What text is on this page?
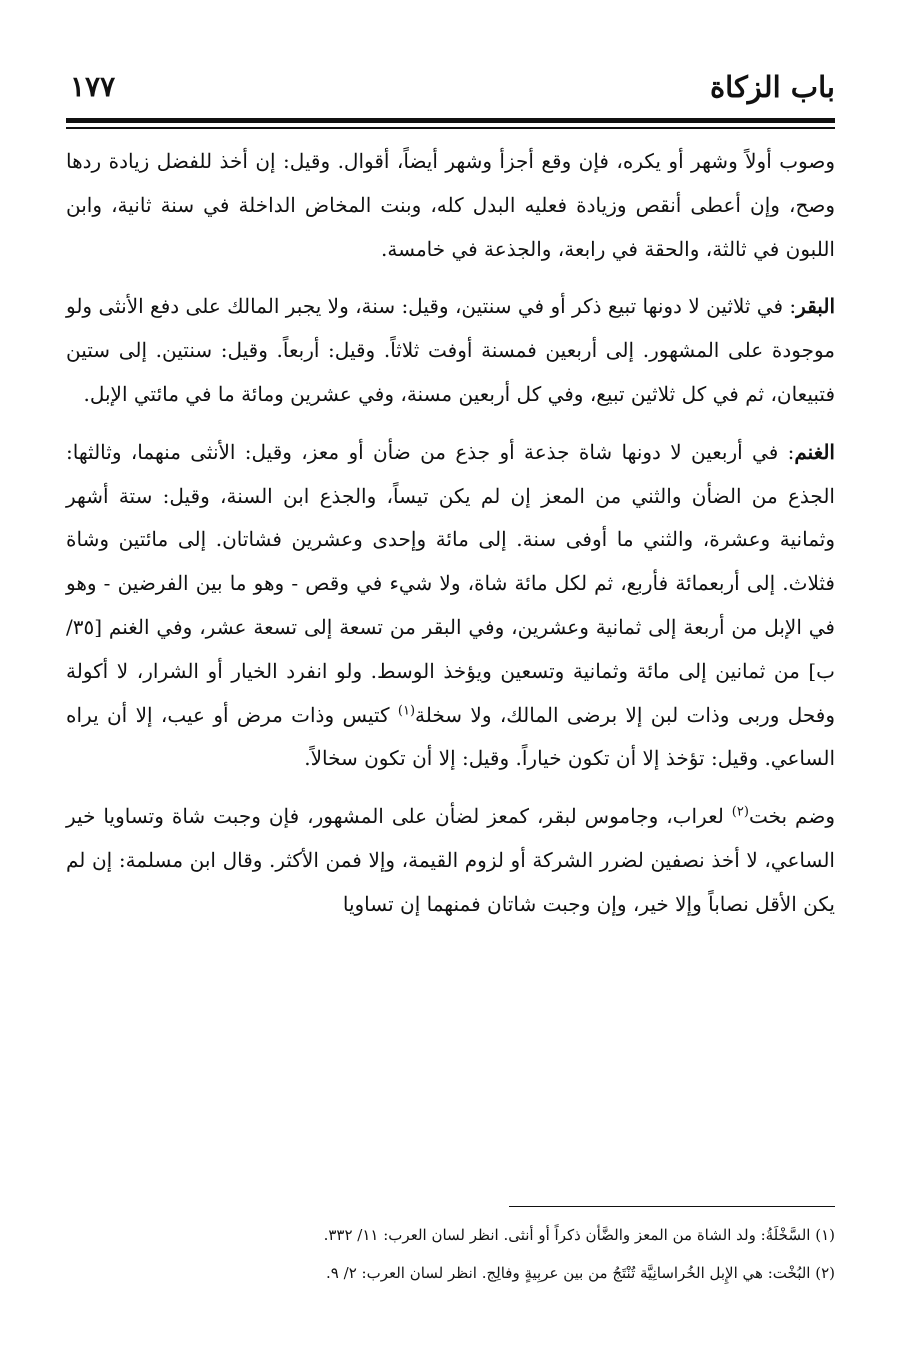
باب الزكاة
١٧٧

وصوب أولاً وشهر أو يكره، فإن وقع أجزأ وشهر أيضاً، أقوال. وقيل: إن أخذ للفضل زيادة ردها وصح، وإن أعطى أنقص وزيادة فعليه البدل كله، وبنت المخاض الداخلة في سنة ثانية، وابن اللبون في ثالثة، والحقة في رابعة، والجذعة في خامسة.

البقر: في ثلاثين لا دونها تبيع ذكر أو في سنتين، وقيل: سنة، ولا يجبر المالك على دفع الأنثى ولو موجودة على المشهور. إلى أربعين فمسنة أوفت ثلاثاً. وقيل: أربعاً. وقيل: سنتين. إلى ستين فتبيعان، ثم في كل ثلاثين تبيع، وفي كل أربعين مسنة، وفي عشرين ومائة ما في مائتي الإبل.

الغنم: في أربعين لا دونها شاة جذعة أو جذع من ضأن أو معز، وقيل: الأنثى منهما، وثالثها: الجذع من الضأن والثني من المعز إن لم يكن تيساً، والجذع ابن السنة، وقيل: ستة أشهر وثمانية وعشرة، والثني ما أوفى سنة. إلى مائة وإحدى وعشرين فشاتان. إلى مائتين وشاة فثلاث. إلى أربعمائة فأربع، ثم لكل مائة شاة، ولا شيء في وقص - وهو ما بين الفرضين - وهو في الإبل من أربعة إلى ثمانية وعشرين، وفي البقر من تسعة إلى تسعة عشر، وفي الغنم [٣٥/ ب] من ثمانين إلى مائة وثمانية وتسعين ويؤخذ الوسط. ولو انفرد الخيار أو الشرار، لا أكولة وفحل وربى وذات لبن إلا برضى المالك، ولا سخلة$^{(١)}$ كتيس وذات مرض أو عيب، إلا أن يراه الساعي. وقيل: تؤخذ إلا أن تكون خياراً. وقيل: إلا أن تكون سخالاً.

وضم بخت$^{(٢)}$ لعراب، وجاموس لبقر، كمعز لضأن على المشهور، فإن وجبت شاة وتساويا خير الساعي، لا أخذ نصفين لضرر الشركة أو لزوم القيمة، وإلا فمن الأكثر. وقال ابن مسلمة: إن لم يكن الأقل نصاباً وإلا خير، وإن وجبت شاتان فمنهما إن تساويا

(١) السَّخْلَةُ: ولد الشاة من المعز والضَّأن ذكراً أو أنثى. انظر لسان العرب: ١١/ ٣٣٢.

(٢) البُخْت: هي الإِبل الخُراسانِيَّة تُنْتَجُ من بين عربِيةٍ وفالِج. انظر لسان العرب: ٢/ ٩.
